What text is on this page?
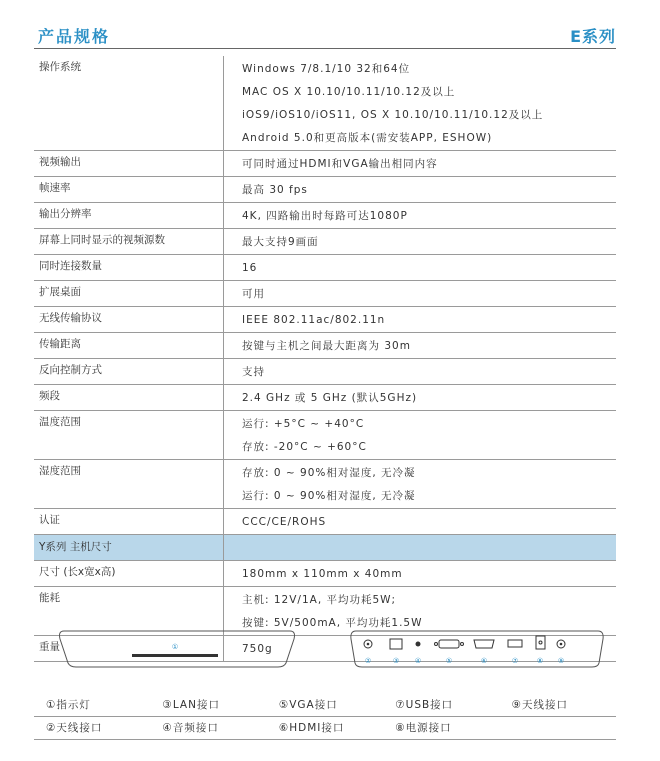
产品规格	E系列
操作系统	Windows 7/8.1/10 32和64位
MAC OS X 10.10/10.11/10.12及以上
iOS9/iOS10/iOS11, OS X 10.10/10.11/10.12及以上
Android 5.0和更高版本(需安装APP, ESHOW)
视频输出	可同时通过HDMI和VGA输出相同内容
帧速率	最高 30 fps
输出分辨率	4K, 四路输出时每路可达1080P
屏幕上同时显示的视频源数	最大支持9画面
同时连接数量	16
扩展桌面	可用
无线传输协议	IEEE 802.11ac/802.11n
传输距离	按键与主机之间最大距离为 30m
反向控制方式	支持
频段	2.4 GHz 或 5 GHz (默认5GHz)
温度范围	运行: +5°C ~ +40°C
存放: -20°C ~ +60°C
湿度范围	存放: 0 ~ 90%相对湿度, 无冷凝
运行: 0 ~ 90%相对湿度, 无冷凝
认证	CCC/CE/ROHS
Y系列 主机尺寸
尺寸 (长x宽x高)	180mm x 110mm x 40mm
能耗	主机: 12V/1A, 平均功耗5W;
按键: 5V/500mA, 平均功耗1.5W
重量	750g
①
②	③ ④	⑤	⑥	⑦	⑧ ⑨
①指示灯	③LAN接口	⑤VGA接口	⑦USB接口	⑨天线接口
②天线接口	④音频接口	⑥HDMI接口	⑧电源接口
